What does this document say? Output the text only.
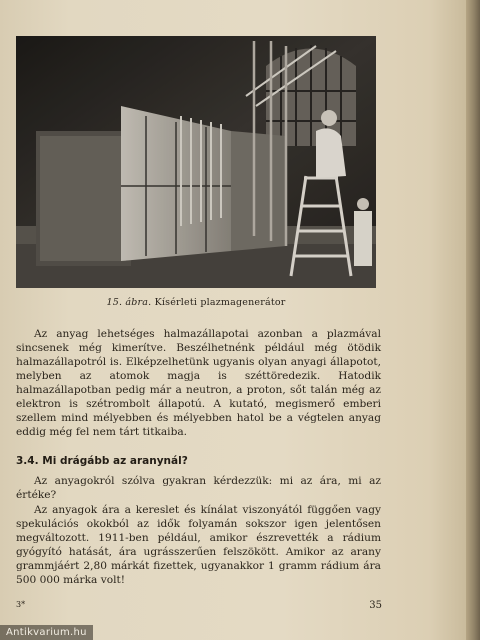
15. ábra. Kísérleti plazmagenerátor

Az anyag lehetséges halmazállapotai azonban a plazmával sincsenek még kimerítve. Beszélhetnénk például még ötödik halmazállapotról is. Elképzelhetünk ugyanis olyan anyagi állapotot, melyben az atomok magja is széttöredezik. Hatodik halmazállapotban pedig már a neutron, a proton, sőt talán még az elektron is szétrombolt állapotú. A kutató, megismerő emberi szellem mind mélyebben és mélyebben hatol be a végtelen anyag eddig még fel nem tárt titkaiba.

3.4. Mi drágább az aranynál?

Az anyagokról szólva gyakran kérdezzük: mi az ára, mi az értéke?

Az anyagok ára a kereslet és kínálat viszonyától függően vagy spekulációs okokból az idők folyamán sokszor igen jelentősen megváltozott. 1911-ben például, amikor észrevették a rádium gyógyító hatását, ára ugrásszerűen felszökött. Amikor az arany grammjáért 2,80 márkát fizettek, ugyanakkor 1 gramm rádium ára 500 000 márka volt!

3*	35
Antikvarium.hu
